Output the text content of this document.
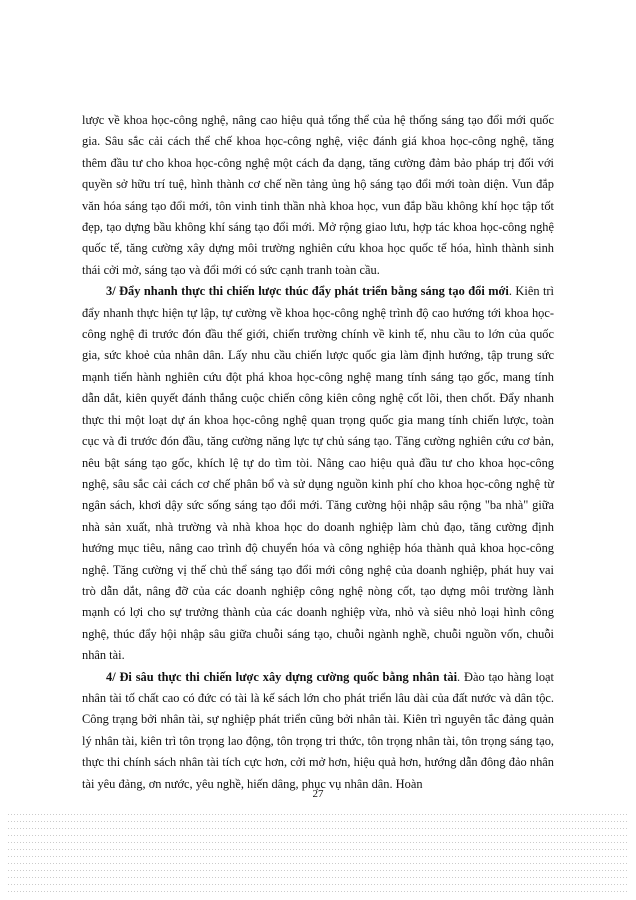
lược về khoa học-công nghệ, nâng cao hiệu quả tổng thể của hệ thống sáng tạo đổi mới quốc gia. Sâu sắc cải cách thể chế khoa học-công nghệ, việc đánh giá khoa học-công nghệ, tăng thêm đầu tư cho khoa học-công nghệ một cách đa dạng, tăng cường đảm bảo pháp trị đối với quyền sở hữu trí tuệ, hình thành cơ chế nền tảng ủng hộ sáng tạo đổi mới toàn diện. Vun đắp văn hóa sáng tạo đổi mới, tôn vinh tinh thần nhà khoa học, vun đắp bầu không khí học tập tốt đẹp, tạo dựng bầu không khí sáng tạo đổi mới. Mở rộng giao lưu, hợp tác khoa học-công nghệ quốc tế, tăng cường xây dựng môi trường nghiên cứu khoa học quốc tế hóa, hình thành sinh thái cởi mở, sáng tạo và đổi mới có sức cạnh tranh toàn cầu.

3/ Đẩy nhanh thực thi chiến lược thúc đẩy phát triển bằng sáng tạo đổi mới. Kiên trì đẩy nhanh thực hiện tự lập, tự cường về khoa học-công nghệ trình độ cao hướng tới khoa học-công nghệ đi trước đón đầu thế giới, chiến trường chính về kinh tế, nhu cầu to lớn của quốc gia, sức khoẻ của nhân dân. Lấy nhu cầu chiến lược quốc gia làm định hướng, tập trung sức mạnh tiến hành nghiên cứu đột phá khoa học-công nghệ mang tính sáng tạo gốc, mang tính dẫn dắt, kiên quyết đánh thắng cuộc chiến công kiên công nghệ cốt lõi, then chốt. Đẩy nhanh thực thi một loạt dự án khoa học-công nghệ quan trọng quốc gia mang tính chiến lược, toàn cục và đi trước đón đầu, tăng cường năng lực tự chủ sáng tạo. Tăng cường nghiên cứu cơ bản, nêu bật sáng tạo gốc, khích lệ tự do tìm tòi. Nâng cao hiệu quả đầu tư cho khoa học-công nghệ, sâu sắc cải cách cơ chế phân bổ và sử dụng nguồn kinh phí cho khoa học-công nghệ từ ngân sách, khơi dậy sức sống sáng tạo đổi mới. Tăng cường hội nhập sâu rộng "ba nhà" giữa nhà sản xuất, nhà trường và nhà khoa học do doanh nghiệp làm chủ đạo, tăng cường định hướng mục tiêu, nâng cao trình độ chuyển hóa và công nghiệp hóa thành quả khoa học-công nghệ. Tăng cường vị thế chủ thể sáng tạo đổi mới công nghệ của doanh nghiệp, phát huy vai trò dẫn dắt, nâng đỡ của các doanh nghiệp công nghệ nòng cốt, tạo dựng môi trường lành mạnh có lợi cho sự trưởng thành của các doanh nghiệp vừa, nhỏ và siêu nhỏ loại hình công nghệ, thúc đẩy hội nhập sâu giữa chuỗi sáng tạo, chuỗi ngành nghề, chuỗi nguồn vốn, chuỗi nhân tài.

4/ Đi sâu thực thi chiến lược xây dựng cường quốc bằng nhân tài. Đào tạo hàng loạt nhân tài tố chất cao có đức có tài là kế sách lớn cho phát triển lâu dài của đất nước và dân tộc. Công trạng bởi nhân tài, sự nghiệp phát triển cũng bởi nhân tài. Kiên trì nguyên tắc đảng quản lý nhân tài, kiên trì tôn trọng lao động, tôn trọng tri thức, tôn trọng nhân tài, tôn trọng sáng tạo, thực thi chính sách nhân tài tích cực hơn, cởi mở hơn, hiệu quả hơn, hướng dẫn đông đảo nhân tài yêu đảng, ơn nước, yêu nghề, hiến dâng, phục vụ nhân dân. Hoàn

27
